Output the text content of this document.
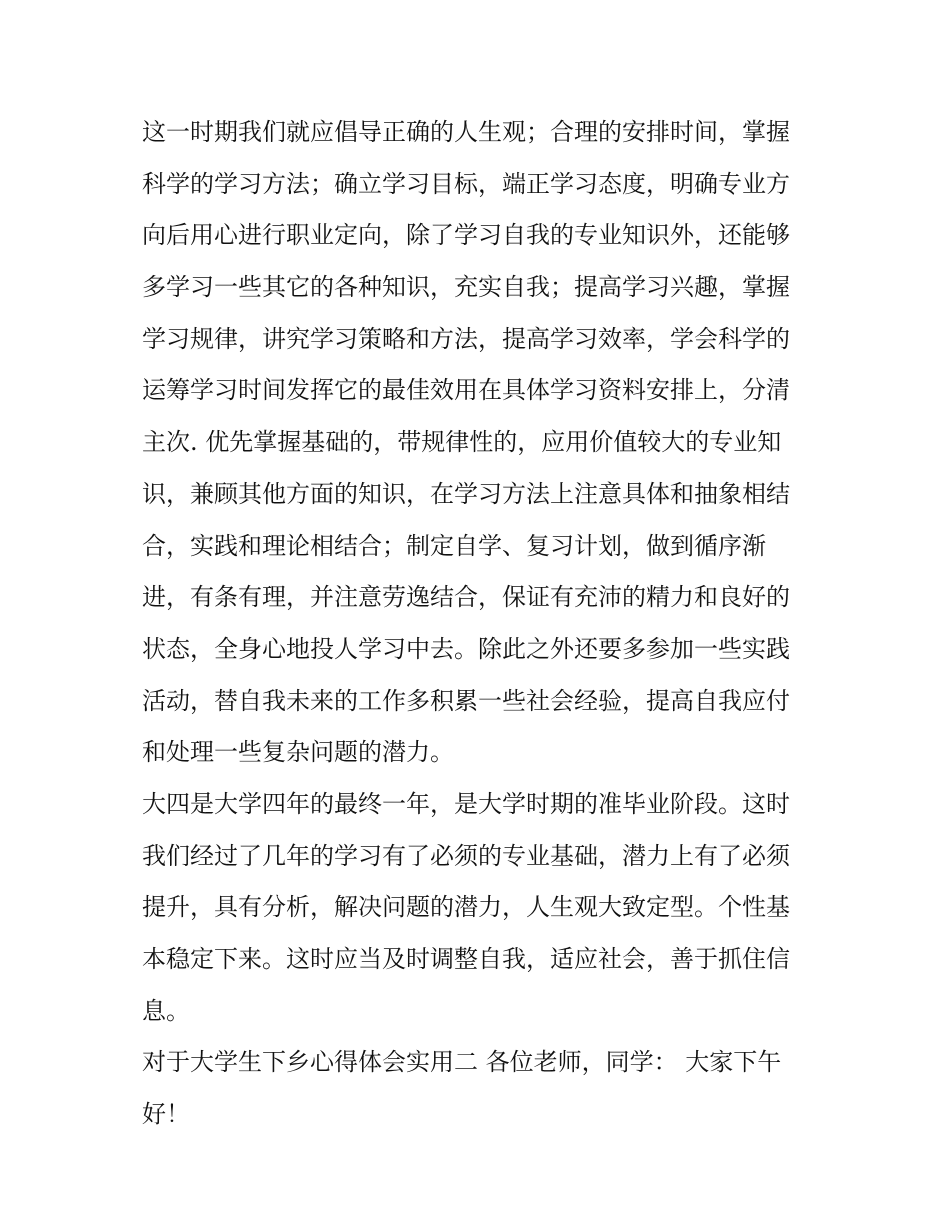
这一时期我们就应倡导正确的人生观；合理的安排时间，掌握
科学的学习方法；确立学习目标，端正学习态度，明确专业方
向后用心进行职业定向，除了学习自我的专业知识外，还能够
多学习一些其它的各种知识，充实自我；提高学习兴趣，掌握
学习规律，讲究学习策略和方法，提高学习效率，学会科学的
运筹学习时间发挥它的最佳效用在具体学习资料安排上，分清
主次. 优先掌握基础的，带规律性的，应用价值较大的专业知
识，兼顾其他方面的知识，在学习方法上注意具体和抽象相结
合，实践和理论相结合；制定自学、复习计划，做到循序渐
进，有条有理，并注意劳逸结合，保证有充沛的精力和良好的
状态，全身心地投人学习中去。除此之外还要多参加一些实践
活动，替自我未来的工作多积累一些社会经验，提高自我应付
和处理一些复杂问题的潜力。
大四是大学四年的最终一年，是大学时期的准毕业阶段。这时
我们经过了几年的学习有了必须的专业基础，潜力上有了必须
提升，具有分析，解决问题的潜力，人生观大致定型。个性基
本稳定下来。这时应当及时调整自我，适应社会，善于抓住信
息。
对于大学生下乡心得体会实用二 各位老师，同学： 大家下午
好！
